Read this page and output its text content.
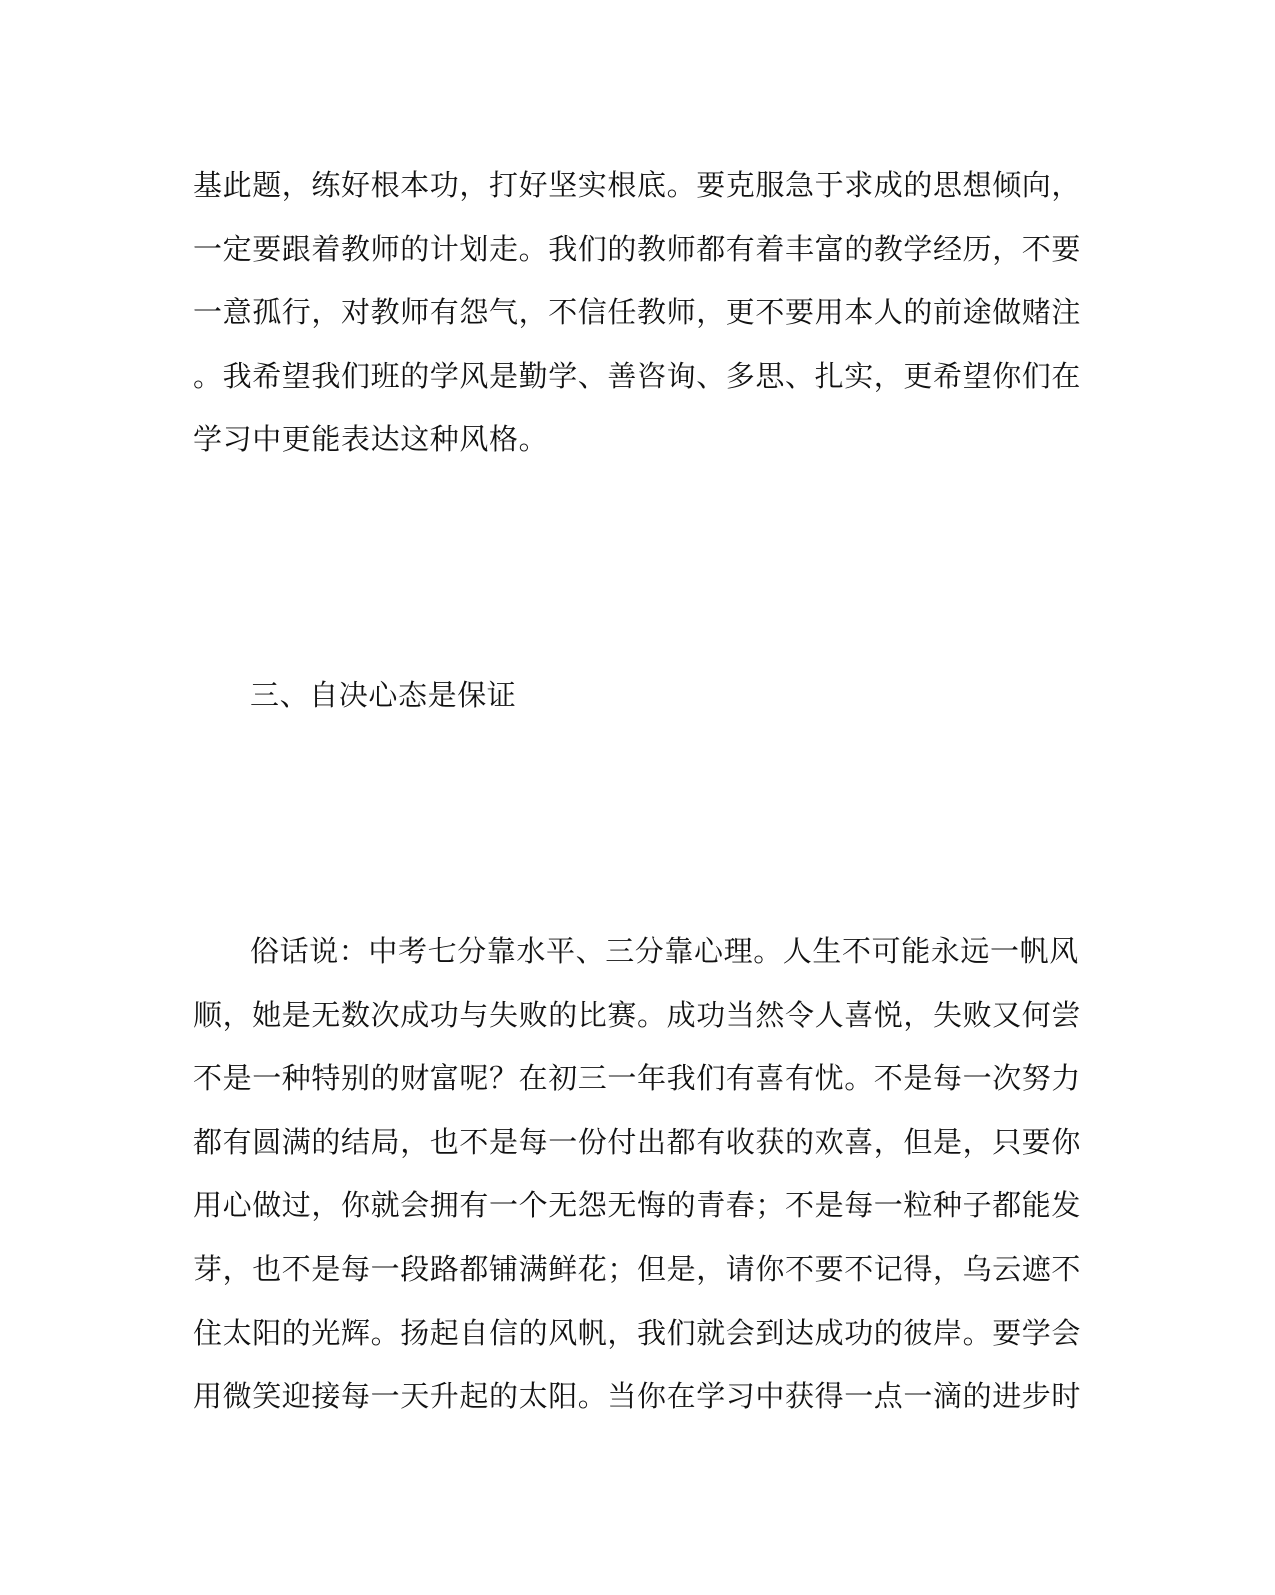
基此题，练好根本功，打好坚实根底。要克服急于求成的思想倾向，
一定要跟着教师的计划走。我们的教师都有着丰富的教学经历，不要
一意孤行，对教师有怨气，不信任教师，更不要用本人的前途做赌注
。我希望我们班的学风是勤学、善咨询、多思、扎实，更希望你们在
学习中更能表达这种风格。
三、自决心态是保证
俗话说：中考七分靠水平、三分靠心理。人生不可能永远一帆风
顺，她是无数次成功与失败的比赛。成功当然令人喜悦，失败又何尝
不是一种特别的财富呢？在初三一年我们有喜有忧。不是每一次努力
都有圆满的结局，也不是每一份付出都有收获的欢喜，但是，只要你
用心做过，你就会拥有一个无怨无悔的青春；不是每一粒种子都能发
芽，也不是每一段路都铺满鲜花；但是，请你不要不记得，乌云遮不
住太阳的光辉。扬起自信的风帆，我们就会到达成功的彼岸。要学会
用微笑迎接每一天升起的太阳。当你在学习中获得一点一滴的进步时
